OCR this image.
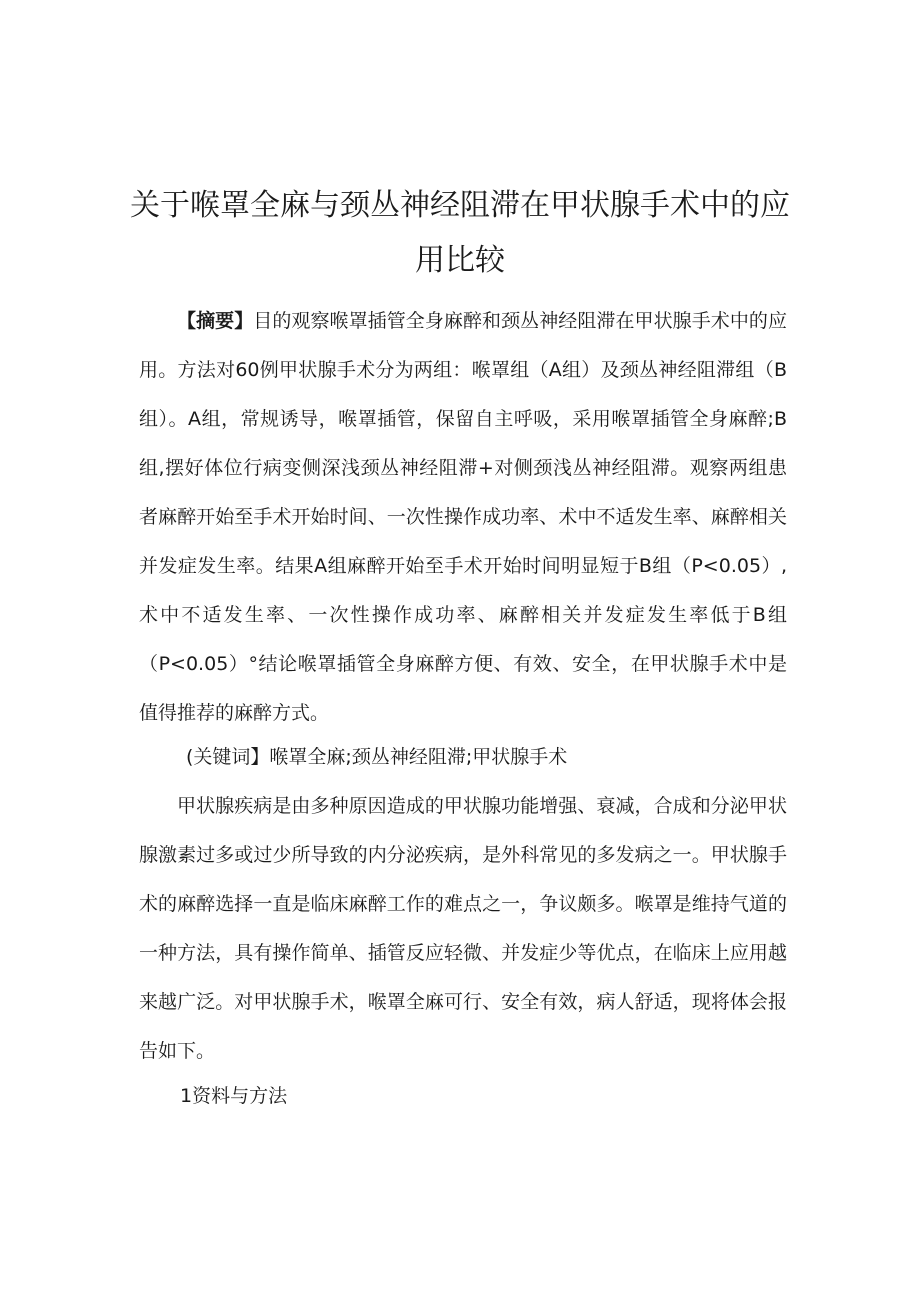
关于喉罩全麻与颈丛神经阻滞在甲状腺手术中的应
用比较
【摘要】目的观察喉罩插管全身麻醉和颈丛神经阻滞在甲状腺手术中的应用。方法对60例甲状腺手术分为两组：喉罩组（A组）及颈丛神经阻滞组（B组）。A组，常规诱导，喉罩插管，保留自主呼吸，采用喉罩插管全身麻醉;B组,摆好体位行病变侧深浅颈丛神经阻滞+对侧颈浅丛神经阻滞。观察两组患者麻醉开始至手术开始时间、一次性操作成功率、术中不适发生率、麻醉相关并发症发生率。结果A组麻醉开始至手术开始时间明显短于B组（P<0.05）,术中不适发生率、一次性操作成功率、麻醉相关并发症发生率低于B组（P<0.05）°结论喉罩插管全身麻醉方便、有效、安全，在甲状腺手术中是值得推荐的麻醉方式。
(关键词】喉罩全麻;颈丛神经阻滞;甲状腺手术
甲状腺疾病是由多种原因造成的甲状腺功能增强、衰减，合成和分泌甲状腺激素过多或过少所导致的内分泌疾病，是外科常见的多发病之一。甲状腺手术的麻醉选择一直是临床麻醉工作的难点之一，争议颇多。喉罩是维持气道的一种方法，具有操作简单、插管反应轻微、并发症少等优点，在临床上应用越来越广泛。对甲状腺手术，喉罩全麻可行、安全有效，病人舒适，现将体会报告如下。
1资料与方法
